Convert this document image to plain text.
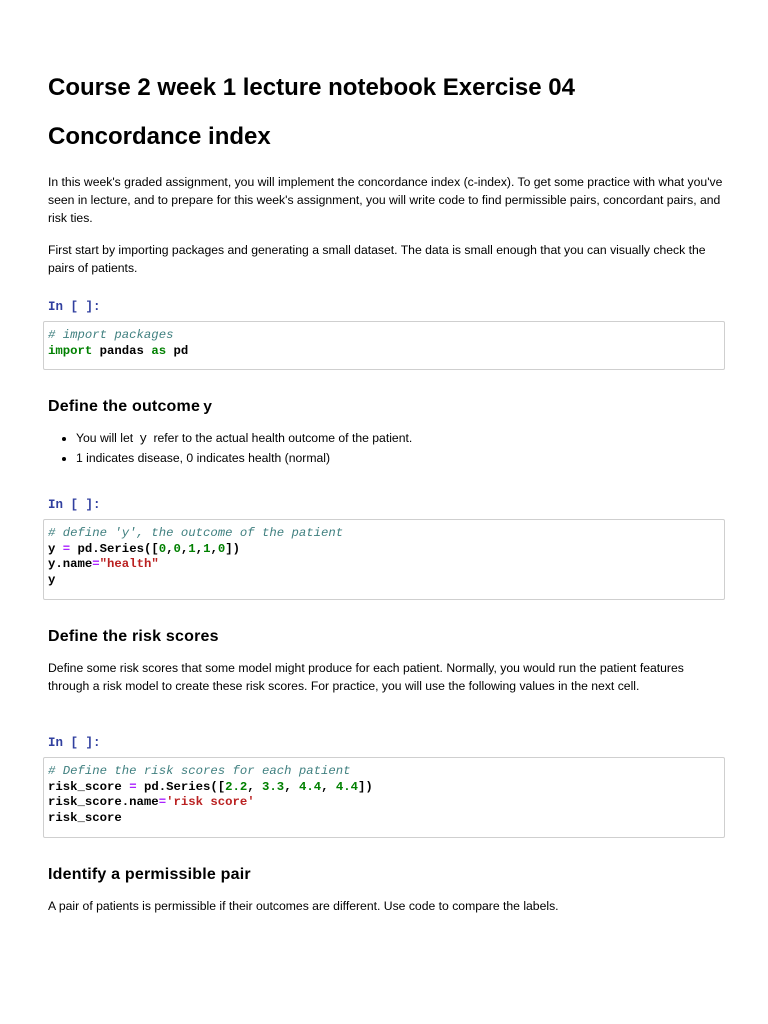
Course 2 week 1 lecture notebook Exercise 04
Concordance index

In this week's graded assignment, you will implement the concordance index (c-index). To get some practice with what you've seen in lecture, and to prepare for this week's assignment, you will write code to find permissible pairs, concordant pairs, and risk ties.

First start by importing packages and generating a small dataset. The data is small enough that you can visually check the pairs of patients.

In [ ]:
# import packages
import pandas as pd
Define the outcome y
• You will let y refer to the actual health outcome of the patient.
• 1 indicates disease, 0 indicates health (normal)
In [ ]:
# define 'y', the outcome of the patient
y = pd.Series([0,0,1,1,0])
y.name="health"
y
Define the risk scores

Define some risk scores that some model might produce for each patient. Normally, you would run the patient features through a risk model to create these risk scores. For practice, you will use the following values in the next cell.

In [ ]:
# Define the risk scores for each patient
risk_score = pd.Series([2.2, 3.3, 4.4, 4.4])
risk_score.name='risk score'
risk_score
Identify a permissible pair

A pair of patients is permissible if their outcomes are different. Use code to compare the labels.
